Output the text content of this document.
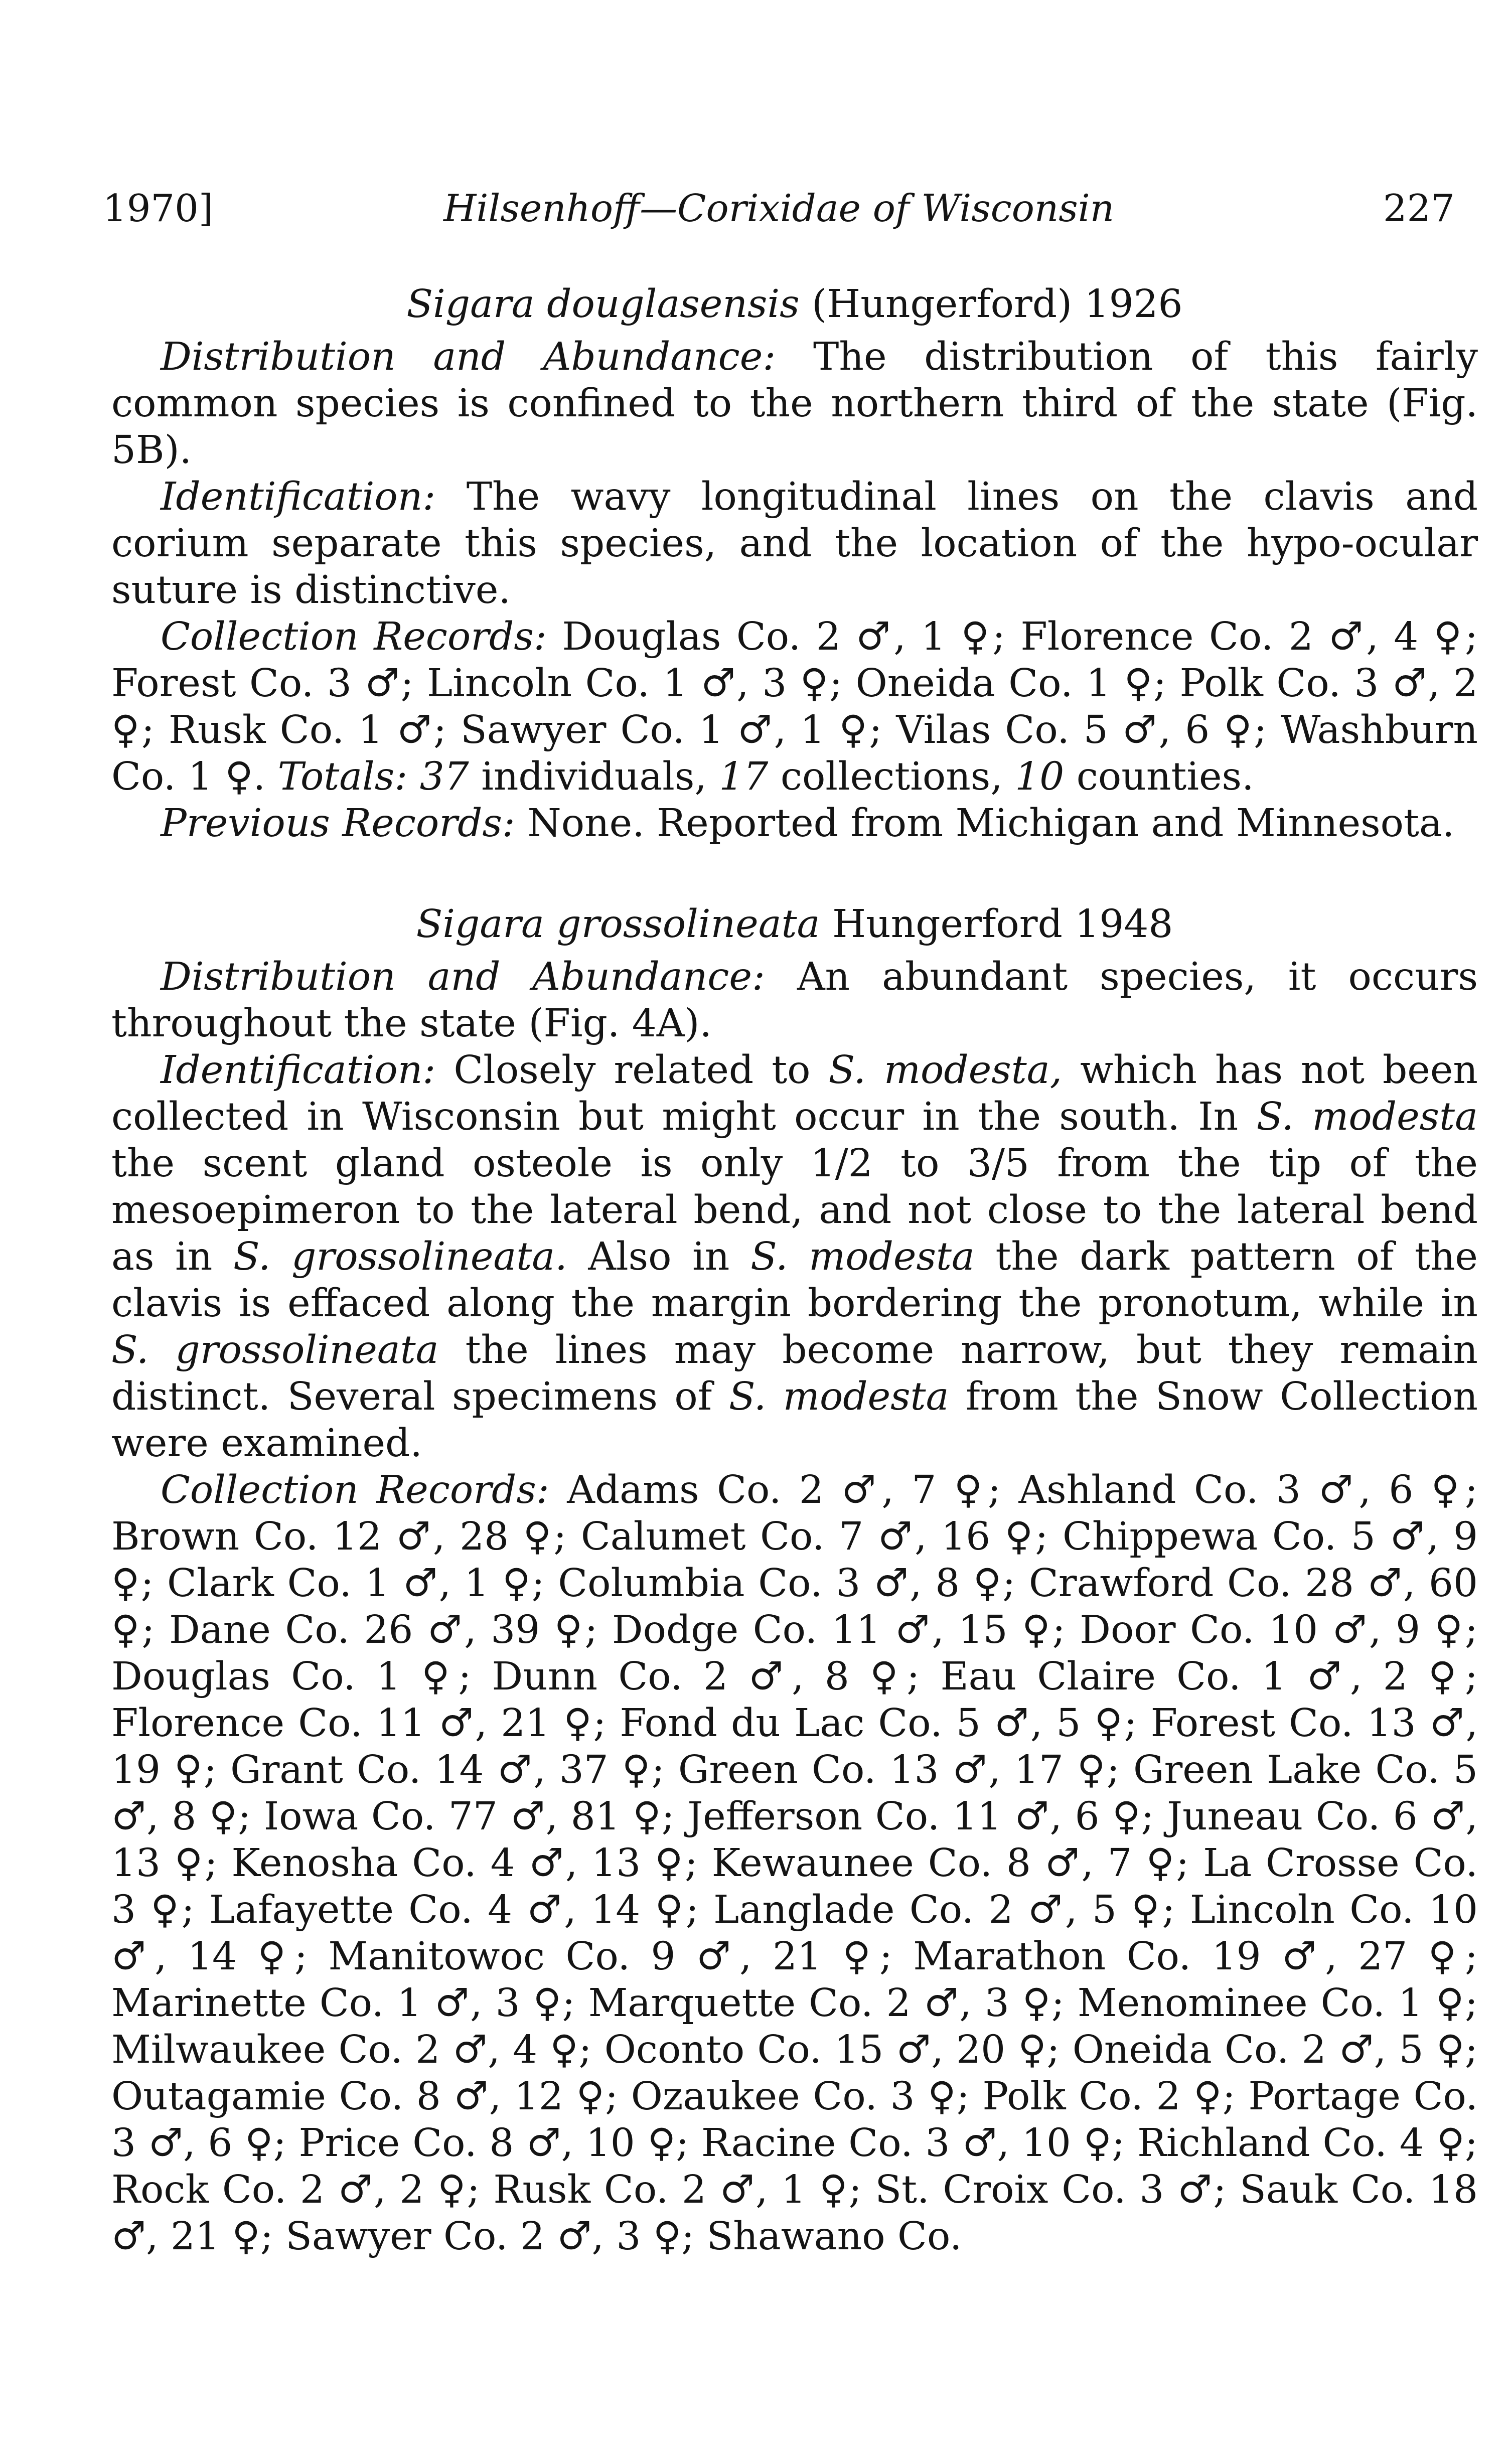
1970]	Hilsenhoff—Corixidae of Wisconsin	227
Sigara douglasensis (Hungerford) 1926

Distribution and Abundance: The distribution of this fairly common species is confined to the northern third of the state (Fig. 5B).

Identification: The wavy longitudinal lines on the clavis and corium separate this species, and the location of the hypo-ocular suture is distinctive.

Collection Records: Douglas Co. 2 ♂, 1 ♀; Florence Co. 2 ♂, 4 ♀; Forest Co. 3 ♂; Lincoln Co. 1 ♂, 3 ♀; Oneida Co. 1 ♀; Polk Co. 3 ♂, 2 ♀; Rusk Co. 1 ♂; Sawyer Co. 1 ♂, 1 ♀; Vilas Co. 5 ♂, 6 ♀; Washburn Co. 1 ♀. Totals: 37 individuals, 17 collections, 10 counties.

Previous Records: None. Reported from Michigan and Minnesota.

Sigara grossolineata Hungerford 1948

Distribution and Abundance: An abundant species, it occurs throughout the state (Fig. 4A).

Identification: Closely related to S. modesta, which has not been collected in Wisconsin but might occur in the south. In S. modesta the scent gland osteole is only 1/2 to 3/5 from the tip of the mesoepimeron to the lateral bend, and not close to the lateral bend as in S. grossolineata. Also in S. modesta the dark pattern of the clavis is effaced along the margin bordering the pronotum, while in S. grossolineata the lines may become narrow, but they remain distinct. Several specimens of S. modesta from the Snow Collection were examined.

Collection Records: Adams Co. 2 ♂, 7 ♀; Ashland Co. 3 ♂, 6 ♀; Brown Co. 12 ♂, 28 ♀; Calumet Co. 7 ♂, 16 ♀; Chippewa Co. 5 ♂, 9 ♀; Clark Co. 1 ♂, 1 ♀; Columbia Co. 3 ♂, 8 ♀; Crawford Co. 28 ♂, 60 ♀; Dane Co. 26 ♂, 39 ♀; Dodge Co. 11 ♂, 15 ♀; Door Co. 10 ♂, 9 ♀; Douglas Co. 1 ♀; Dunn Co. 2 ♂, 8 ♀; Eau Claire Co. 1 ♂, 2 ♀; Florence Co. 11 ♂, 21 ♀; Fond du Lac Co. 5 ♂, 5 ♀; Forest Co. 13 ♂, 19 ♀; Grant Co. 14 ♂, 37 ♀; Green Co. 13 ♂, 17 ♀; Green Lake Co. 5 ♂, 8 ♀; Iowa Co. 77 ♂, 81 ♀; Jefferson Co. 11 ♂, 6 ♀; Juneau Co. 6 ♂, 13 ♀; Kenosha Co. 4 ♂, 13 ♀; Kewaunee Co. 8 ♂, 7 ♀; La Crosse Co. 3 ♀; Lafayette Co. 4 ♂, 14 ♀; Langlade Co. 2 ♂, 5 ♀; Lincoln Co. 10 ♂, 14 ♀; Manitowoc Co. 9 ♂, 21 ♀; Marathon Co. 19 ♂, 27 ♀; Marinette Co. 1 ♂, 3 ♀; Marquette Co. 2 ♂, 3 ♀; Menominee Co. 1 ♀; Milwaukee Co. 2 ♂, 4 ♀; Oconto Co. 15 ♂, 20 ♀; Oneida Co. 2 ♂, 5 ♀; Outagamie Co. 8 ♂, 12 ♀; Ozaukee Co. 3 ♀; Polk Co. 2 ♀; Portage Co. 3 ♂, 6 ♀; Price Co. 8 ♂, 10 ♀; Racine Co. 3 ♂, 10 ♀; Richland Co. 4 ♀; Rock Co. 2 ♂, 2 ♀; Rusk Co. 2 ♂, 1 ♀; St. Croix Co. 3 ♂; Sauk Co. 18 ♂, 21 ♀; Sawyer Co. 2 ♂, 3 ♀; Shawano Co.
